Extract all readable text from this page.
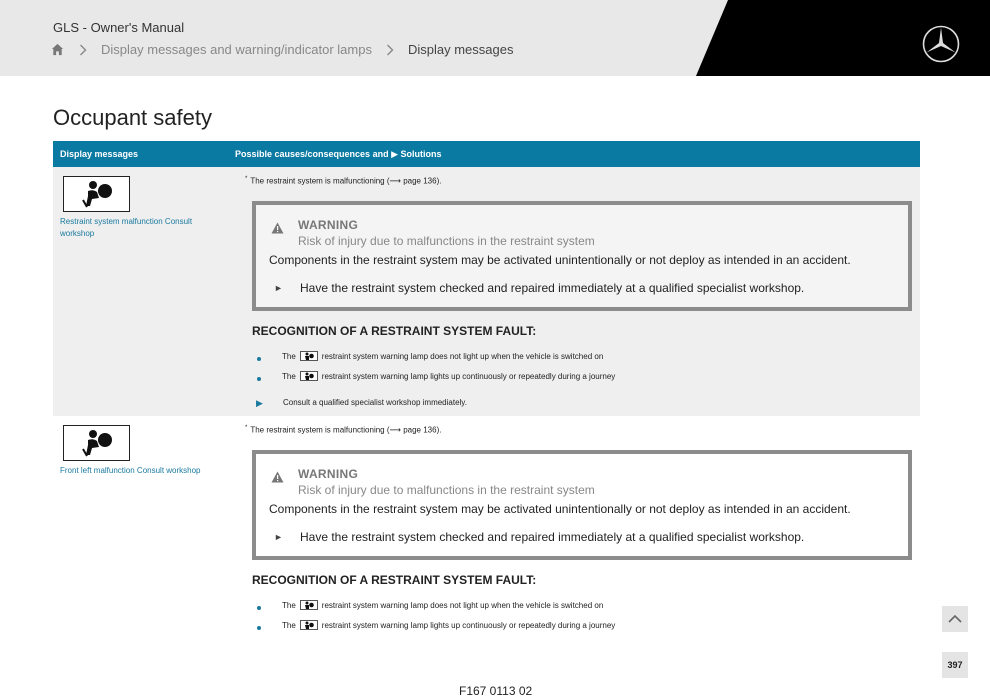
GLS - Owner's Manual
Display messages and warning/indicator lamps	Display messages
Occupant safety
Display messages	Possible causes/consequences and ▶ Solutions
Restraint system malfunction Consult workshop
* The restraint system is malfunctioning (⟶ page 136).
WARNING
Risk of injury due to malfunctions in the restraint system
Components in the restraint system may be activated unintentionally or not deploy as intended in an accident.
► Have the restraint system checked and repaired immediately at a qualified specialist workshop.
RECOGNITION OF A RESTRAINT SYSTEM FAULT:
The	restraint system warning lamp does not light up when the vehicle is switched on
The	restraint system warning lamp lights up continuously or repeatedly during a journey
▶	Consult a qualified specialist workshop immediately.
Front left malfunction Consult workshop
* The restraint system is malfunctioning (⟶ page 136).
WARNING
Risk of injury due to malfunctions in the restraint system
Components in the restraint system may be activated unintentionally or not deploy as intended in an accident.
► Have the restraint system checked and repaired immediately at a qualified specialist workshop.
RECOGNITION OF A RESTRAINT SYSTEM FAULT:
The	restraint system warning lamp does not light up when the vehicle is switched on
The	restraint system warning lamp lights up continuously or repeatedly during a journey
F167 0113 02
397
